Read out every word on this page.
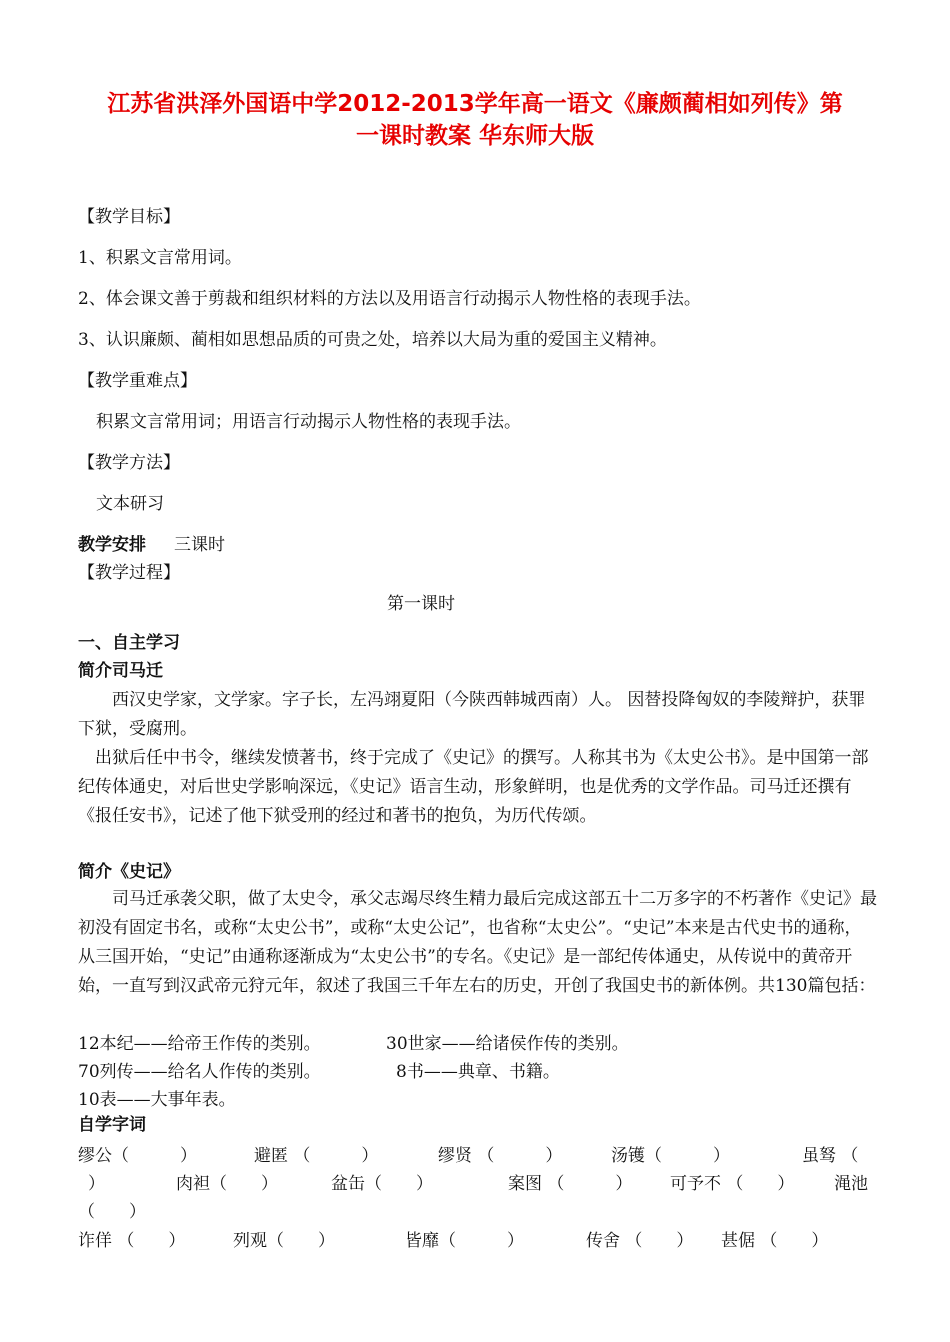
江苏省洪泽外国语中学2012-2013学年高一语文《廉颇蔺相如列传》第
一课时教案 华东师大版
【教学目标】
1、积累文言常用词。
2、体会课文善于剪裁和组织材料的方法以及用语言行动揭示人物性格的表现手法。
3、认识廉颇、蔺相如思想品质的可贵之处，培养以大局为重的爱国主义精神。
【教学重难点】
积累文言常用词；用语言行动揭示人物性格的表现手法。
【教学方法】
文本研习
教学安排 三课时
【教学过程】
第一课时
一、自主学习
简介司马迁

西汉史学家，文学家。字子长，左冯翊夏阳（今陕西韩城西南）人。 因替投降匈奴的李陵辩护，获罪下狱，受腐刑。

出狱后任中书令，继续发愤著书，终于完成了《史记》的撰写。人称其书为《太史公书》。是中国第一部纪传体通史，对后世史学影响深远，《史记》语言生动，形象鲜明，也是优秀的文学作品。司马迁还撰有《报任安书》，记述了他下狱受刑的经过和著书的抱负，为历代传颂。

简介《史记》

司马迁承袭父职，做了太史令，承父志竭尽终生精力最后完成这部五十二万多字的不朽著作《史记》最初没有固定书名，或称“太史公书”，或称“太史公记”，也省称“太史公”。“史记”本来是古代史书的通称，从三国开始，“史记”由通称逐渐成为“太史公书”的专名。《史记》是一部纪传体通史，从传说中的黄帝开始，一直写到汉武帝元狩元年，叙述了我国三千年左右的历史，开创了我国史书的新体例。共130篇包括：

12本纪——给帝王作传的类别。	30世家——给诸侯作传的类别。
70列传——给名人作传的类别。	8书——典章、书籍。
10表——大事年表。
自学字词
缪公（　　　）	避匿 （　　　）	缪贤 （　　　）	汤镬（　　　）	虽驽 （
）	肉袒（　　）	盆缶（　　）	案图 （　　　） 可予不 （　　） 渑池
（　　）
诈佯 （　　）	列观（　　）	皆靡（　　　）	传舍 （　　） 甚倨 （　　）
